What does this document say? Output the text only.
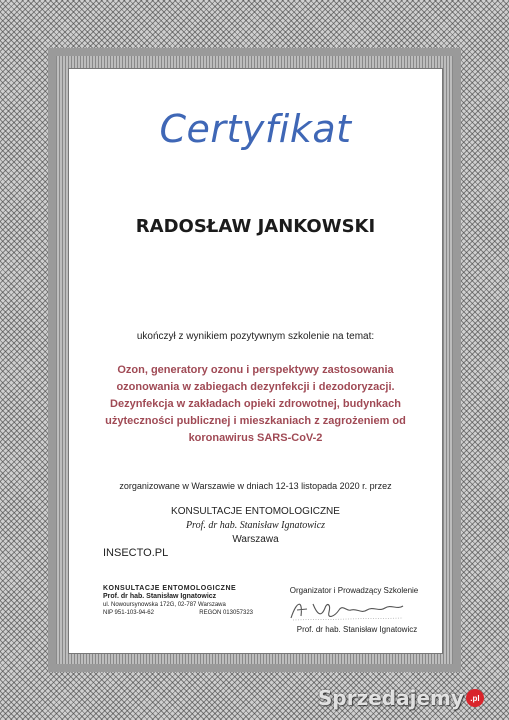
Certyfikat
RADOSŁAW JANKOWSKI
ukończył z wynikiem pozytywnym szkolenie na temat:
Ozon, generatory ozonu i perspektywy zastosowania
ozonowania w zabiegach dezynfekcji i dezodoryzacji.
Dezynfekcja w zakładach opieki zdrowotnej, budynkach
użyteczności publicznej i mieszkaniach z zagrożeniem od
koronawirus SARS-CoV-2
zorganizowane w Warszawie w dniach 12-13 listopada 2020 r. przez
KONSULTACJE ENTOMOLOGICZNE
Prof. dr hab. Stanisław Ignatowicz
Warszawa
INSECTO.PL
KONSULTACJE ENTOMOLOGICZNE
Prof. dr hab. Stanisław Ignatowicz
ul. Nowoursynowska 172G, 02-787 Warszawa
NIP 951-103-94-62	REGON 013057323
Organizator i Prowadzący Szkolenie
Prof. dr hab. Stanisław Ignatowicz
Sprzedajemy .pl
